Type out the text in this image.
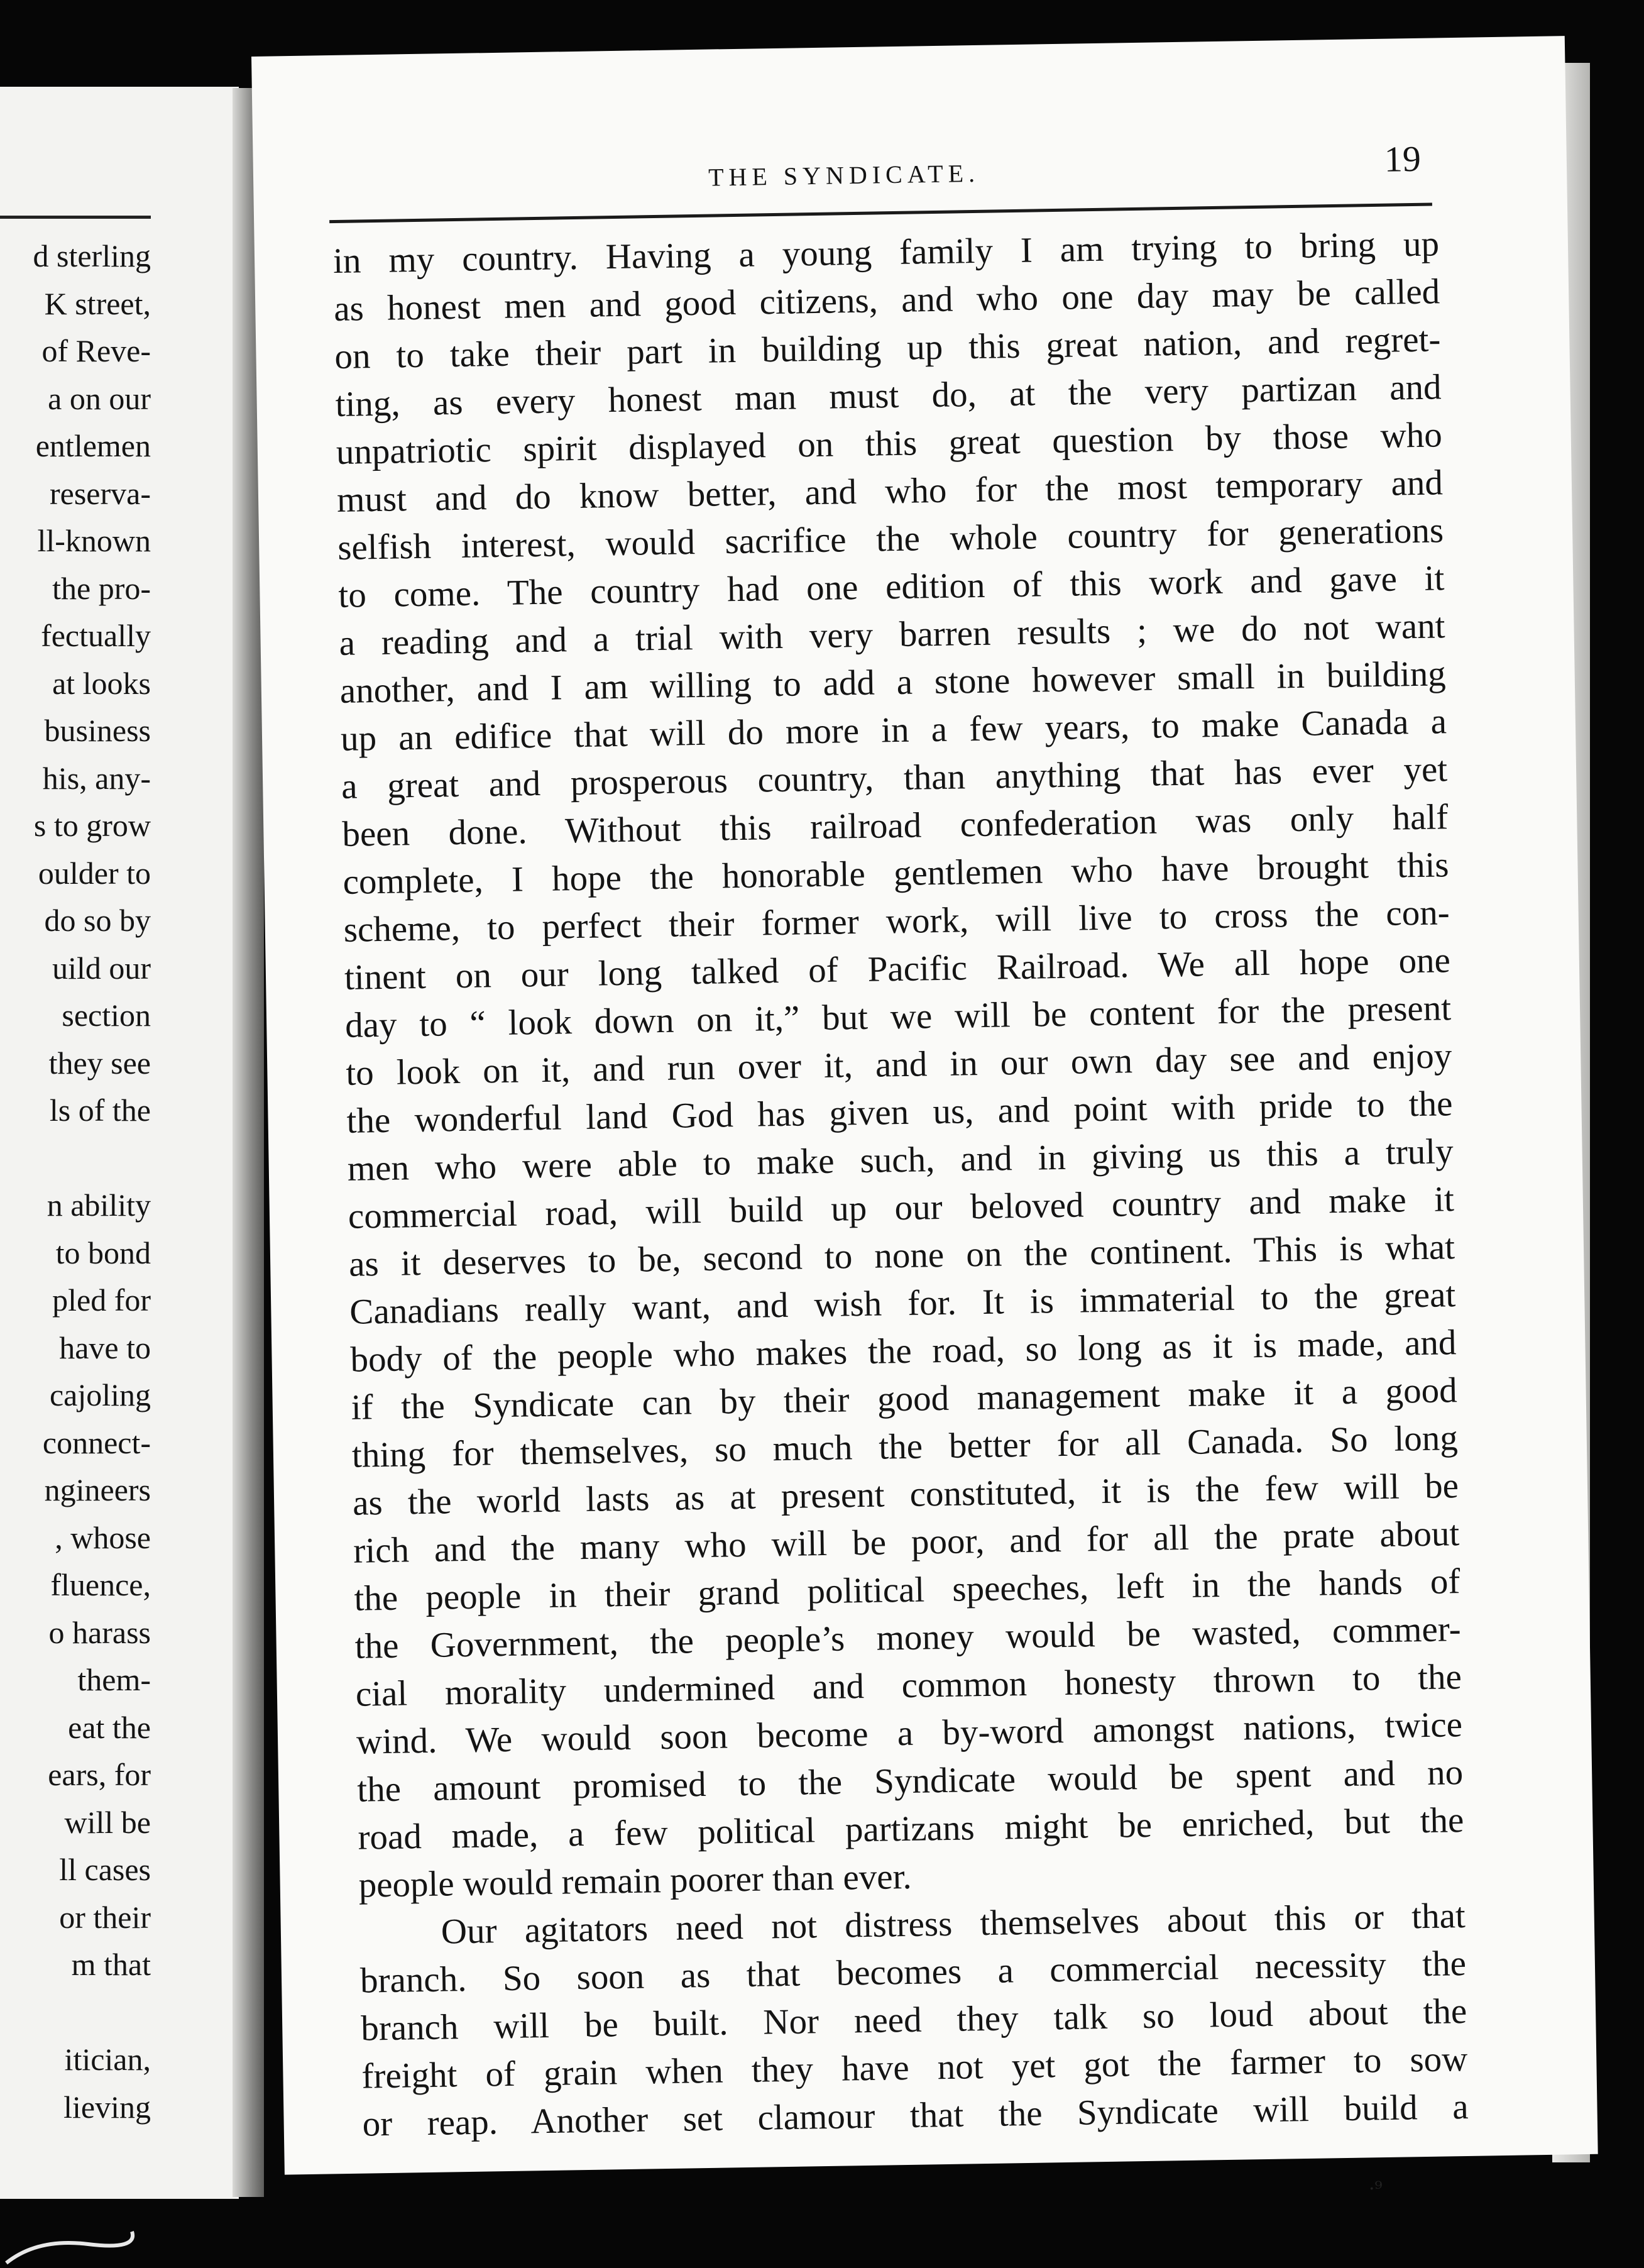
d sterling
K street,
of Reve-
a on our
entlemen
reserva-
ll-known
the pro-
fectually
at looks
business
his, any-
s to grow
oulder to
do so by
uild our
section
they see
ls of the
n ability
to bond
pled for
have to
cajoling
connect-
ngineers
, whose
fluence,
o harass
them-
eat the
ears, for
will be
ll cases
or their
m that
itician,
lieving
THE SYNDICATE.	19
in my country. Having a young family I am trying to bring up
as honest men and good citizens, and who one day may be called
on to take their part in building up this great nation, and regret-
ting, as every honest man must do, at the very partizan and
unpatriotic spirit displayed on this great question by those who
must and do know better, and who for the most temporary and
selfish interest, would sacrifice the whole country for generations
to come. The country had one edition of this work and gave it
a reading and a trial with very barren results ; we do not want
another, and I am willing to add a stone however small in building
up an edifice that will do more in a few years, to make Canada a
a great and prosperous country, than anything that has ever yet
been done. Without this railroad confederation was only half
complete, I hope the honorable gentlemen who have brought this
scheme, to perfect their former work, will live to cross the con-
tinent on our long talked of Pacific Railroad. We all hope one
day to “ look down on it,” but we will be content for the present
to look on it, and run over it, and in our own day see and enjoy
the wonderful land God has given us, and point with pride to the
men who were able to make such, and in giving us this a truly
commercial road, will build up our beloved country and make it
as it deserves to be, second to none on the continent. This is what
Canadians really want, and wish for. It is immaterial to the great
body of the people who makes the road, so long as it is made, and
if the Syndicate can by their good management make it a good
thing for themselves, so much the better for all Canada. So long
as the world lasts as at present constituted, it is the few will be
rich and the many who will be poor, and for all the prate about
the people in their grand political speeches, left in the hands of
the Government, the people’s money would be wasted, commer-
cial morality undermined and common honesty thrown to the
wind. We would soon become a by-word amongst nations, twice
the amount promised to the Syndicate would be spent and no
road made, a few political partizans might be enriched, but the
people would remain poorer than ever.
Our agitators need not distress themselves about this or that
branch. So soon as that becomes a commercial necessity the
branch will be built. Nor need they talk so loud about the
freight of grain when they have not yet got the farmer to sow
or reap. Another set clamour that the Syndicate will build a
·⁹
